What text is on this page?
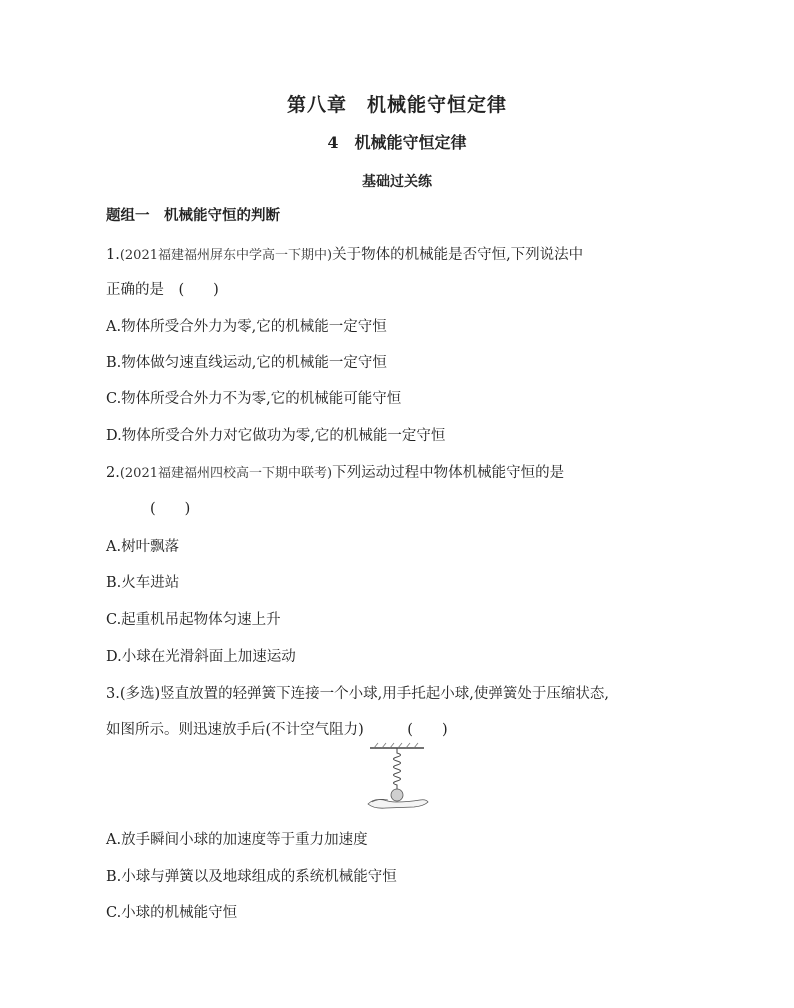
第八章　机械能守恒定律
4　机械能守恒定律
基础过关练
题组一　机械能守恒的判断
1.(2021福建福州屏东中学高一下期中)关于物体的机械能是否守恒,下列说法中
正确的是　(　　)
A.物体所受合外力为零,它的机械能一定守恒
B.物体做匀速直线运动,它的机械能一定守恒
C.物体所受合外力不为零,它的机械能可能守恒
D.物体所受合外力对它做功为零,它的机械能一定守恒
2.(2021福建福州四校高一下期中联考)下列运动过程中物体机械能守恒的是
(　　)
A.树叶飘落
B.火车进站
C.起重机吊起物体匀速上升
D.小球在光滑斜面上加速运动
3.(多选)竖直放置的轻弹簧下连接一个小球,用手托起小球,使弹簧处于压缩状态,
如图所示。则迅速放手后(不计空气阻力)　　　(　　)
A.放手瞬间小球的加速度等于重力加速度
B.小球与弹簧以及地球组成的系统机械能守恒
C.小球的机械能守恒
